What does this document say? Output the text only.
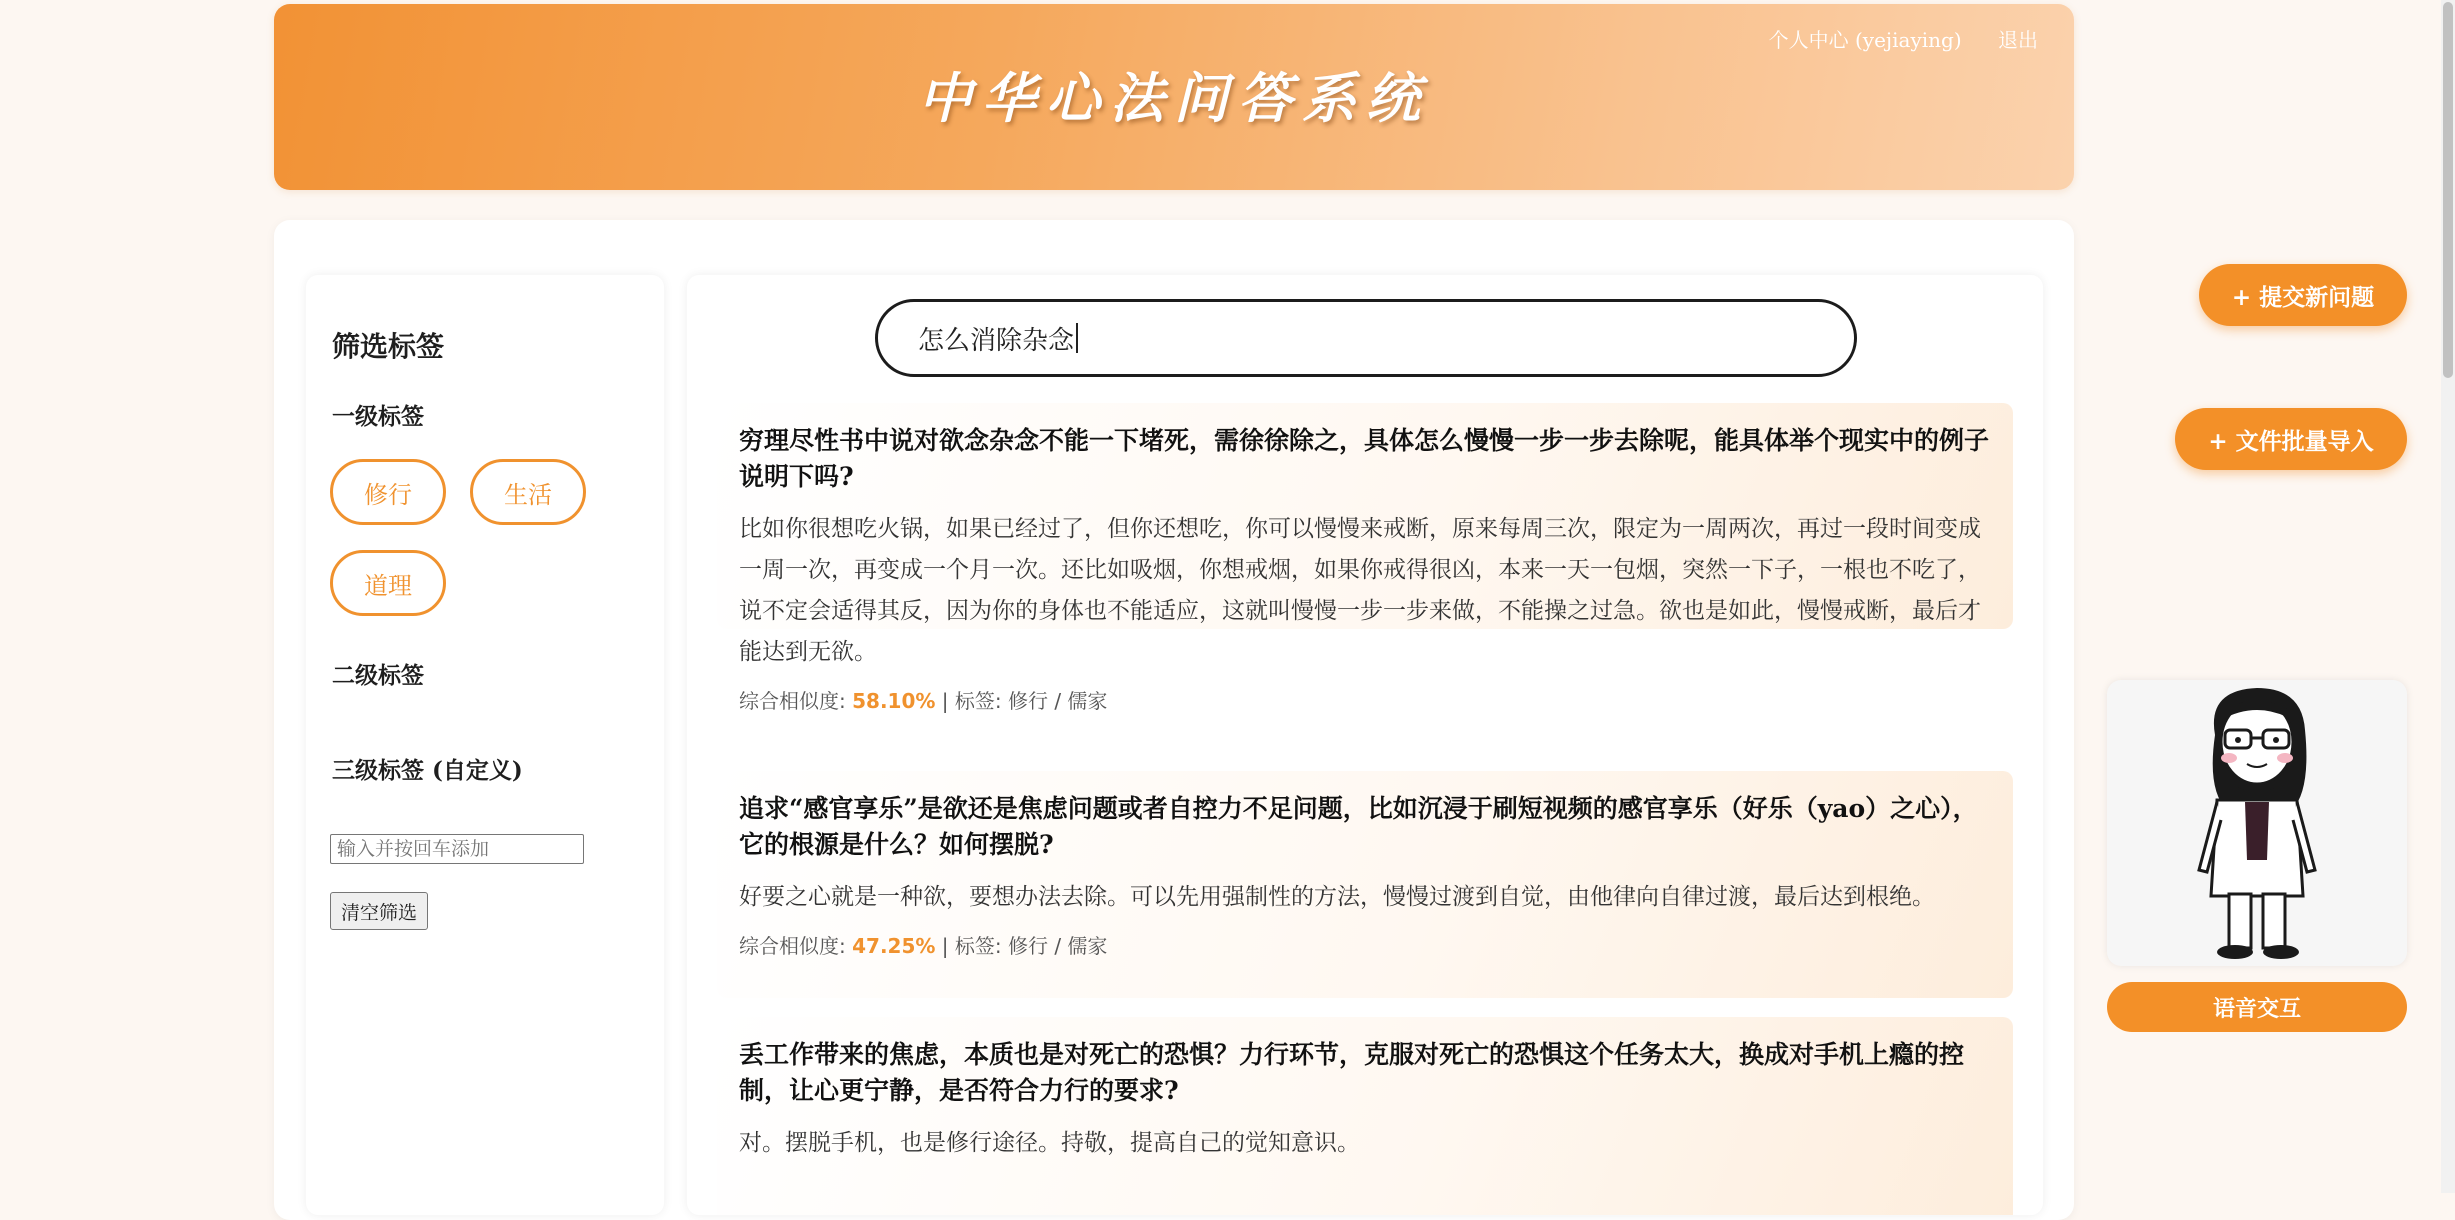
个人中心 (yejiaying) 退出
中华心法问答系统
筛选标签
一级标签
修行	生活
道理
二级标签
三级标签 (自定义)
输入并按回车添加
清空筛选
怎么消除杂念
穷理尽性书中说对欲念杂念不能一下堵死，需徐徐除之，具体怎么慢慢一步一步去除呢，能具体举个现实中的例子说明下吗?
比如你很想吃火锅，如果已经过了，但你还想吃，你可以慢慢来戒断，原来每周三次，限定为一周两次，再过一段时间变成一周一次，再变成一个月一次。还比如吸烟，你想戒烟，如果你戒得很凶，本来一天一包烟，突然一下子，一根也不吃了，说不定会适得其反，因为你的身体也不能适应，这就叫慢慢一步一步来做，不能操之过急。欲也是如此，慢慢戒断，最后才能达到无欲。
综合相似度: 58.10% | 标签: 修行 / 儒家
追求“感官享乐”是欲还是焦虑问题或者自控力不足问题，比如沉浸于刷短视频的感官享乐（好乐（yao）之心），它的根源是什么？如何摆脱?
好要之心就是一种欲，要想办法去除。可以先用强制性的方法，慢慢过渡到自觉，由他律向自律过渡，最后达到根绝。
综合相似度: 47.25% | 标签: 修行 / 儒家
丢工作带来的焦虑，本质也是对死亡的恐惧？力行环节，克服对死亡的恐惧这个任务太大，换成对手机上瘾的控制，让心更宁静，是否符合力行的要求?
对。摆脱手机，也是修行途径。持敬，提高自己的觉知意识。
+ 提交新问题
+ 文件批量导入
语音交互
